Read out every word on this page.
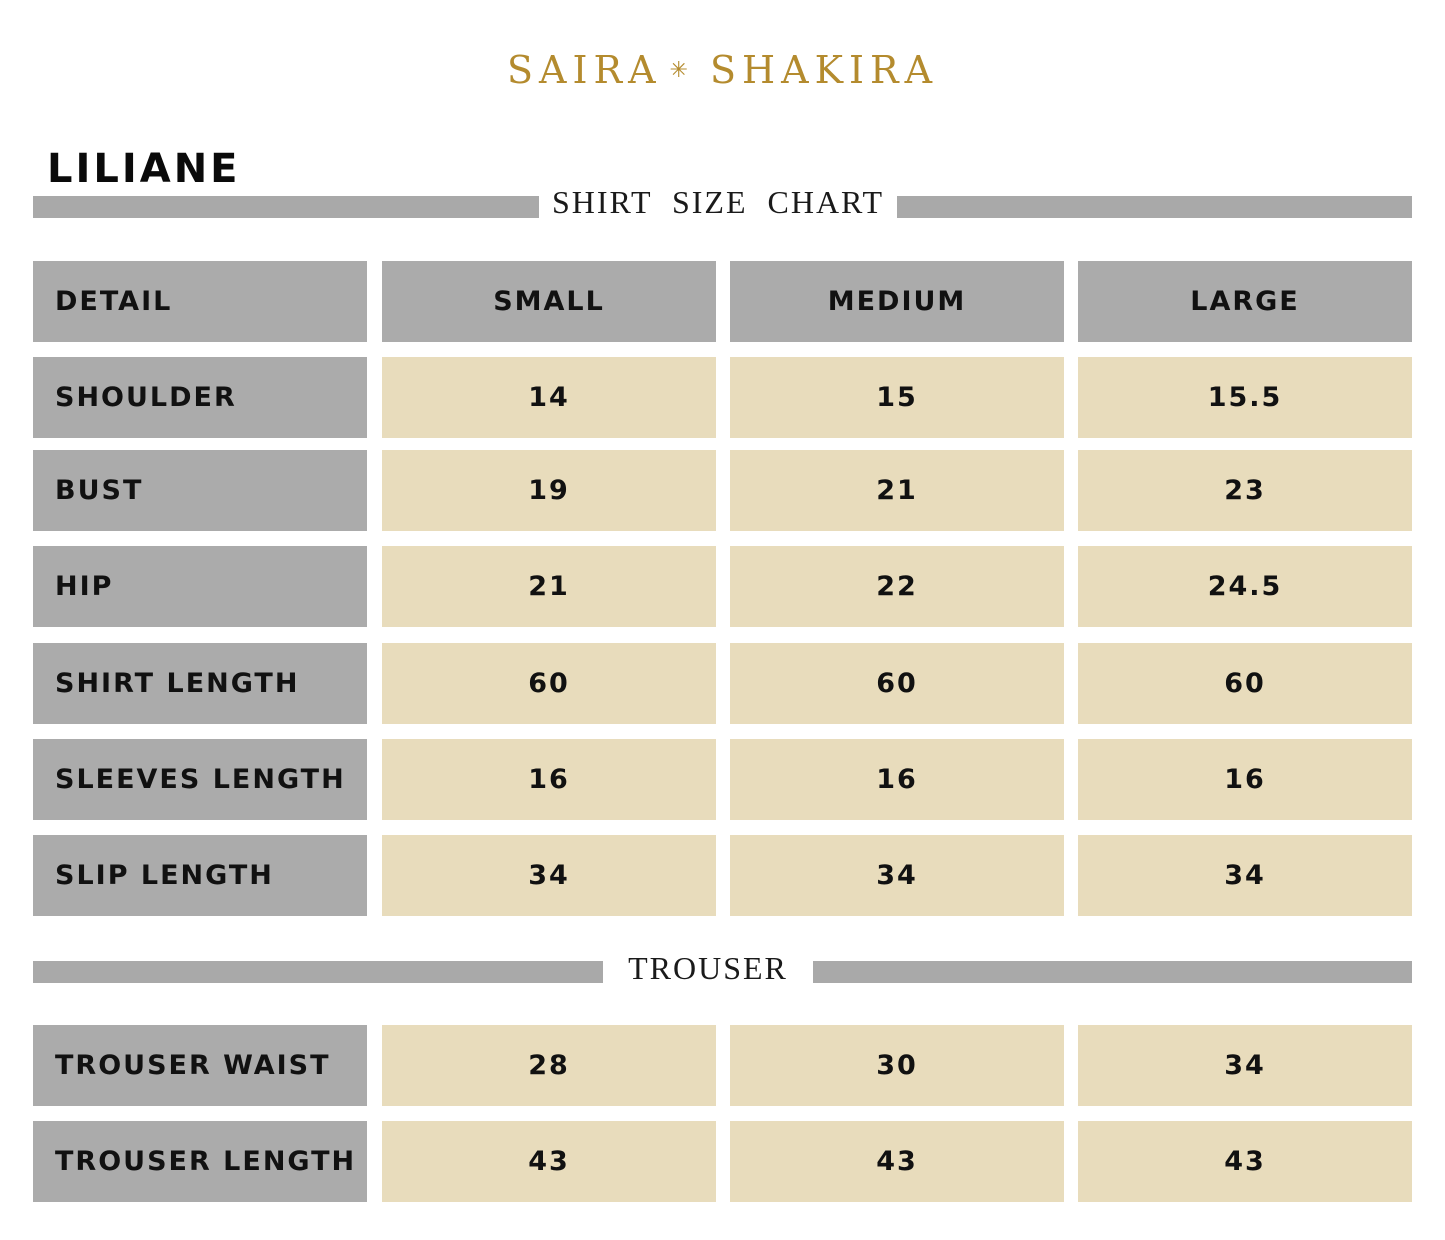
SAIRA ✳ SHAKIRA
LILIANE
SHIRT  SIZE  CHART
DETAIL	SMALL	MEDIUM	LARGE
SHOULDER	14	15	15.5
BUST	19	21	23
HIP	21	22	24.5
SHIRT LENGTH	60	60	60
SLEEVES LENGTH	16	16	16
SLIP LENGTH	34	34	34
TROUSER
TROUSER WAIST	28	30	34
TROUSER LENGTH	43	43	43
